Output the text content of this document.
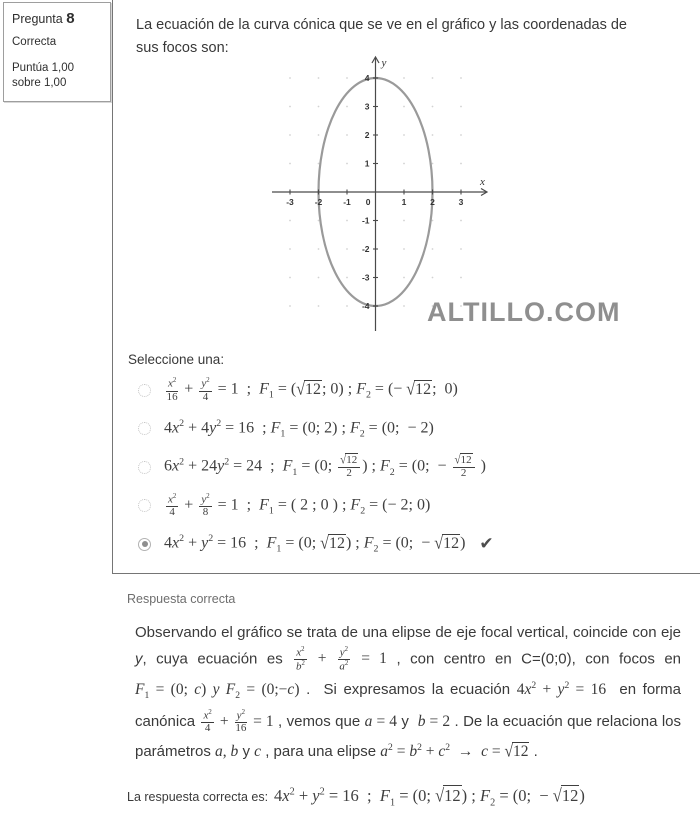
Pregunta 8
Correcta
Puntúa 1,00
sobre 1,00
La ecuación de la curva cónica que se ve en el gráfico y las coordenadas de sus focos son:
-3 -2 -1 0	1	2	3
4
3
2
1
-1
-2
-3
-4
x
y
ALTILLO.COM
Seleccione una:
$\frac{x^2}{16} + \frac{y^2}{4} = 1$  ;  $F_1 = (√12$; 0) ; $F_2$ = (− √12;  0)
$4x^2 + 4y^2 = 16$  ; $F_1 = (0$; 2) ; $F_2 = (0$;  − 2)
$6x^2 + 24y^2 = 24$  ;  $F_1 = (0$; $\frac{√12}{2}$ ) ; $F_2 = (0$;  − $\frac{√12}{2}$ )
$\frac{x^2}{4} + \frac{y^2}{8} = 1$  ;  $F_1$ = ( 2 ; 0 ) ; $F_2$ = (− 2; 0)
$4x^2 + y^2 = 16$  ;  $F_1 = (0$; √12) ; $F_2 = (0$;  − √12) ✔
Respuesta correcta
Observando el gráfico se trata de una elipse de eje focal vertical, coincide con eje y, cuya ecuación es $\frac{x^2}{b^2} + \frac{y^2}{a^2} = 1$ , con centro en C=(0;0), con focos en $F_1 = (0$; c) y $F_2$ = (0;−c) .  Si expresamos la ecuación $4x^2 + y^2 = 16$  en forma canónica $\frac{x^2}{4} + \frac{y^2}{16} = 1$ , vemos que a = 4 y  b = 2 . De la ecuación que relaciona los parámetros a, b y c , para una elipse $a^2 = b^2 + c^2 \to c = √12$ .
La respuesta correcta es: $4x^2 + y^2 = 16$  ;  $F_1 = (0$; √12) ; $F_2 = (0$;  − √12)
